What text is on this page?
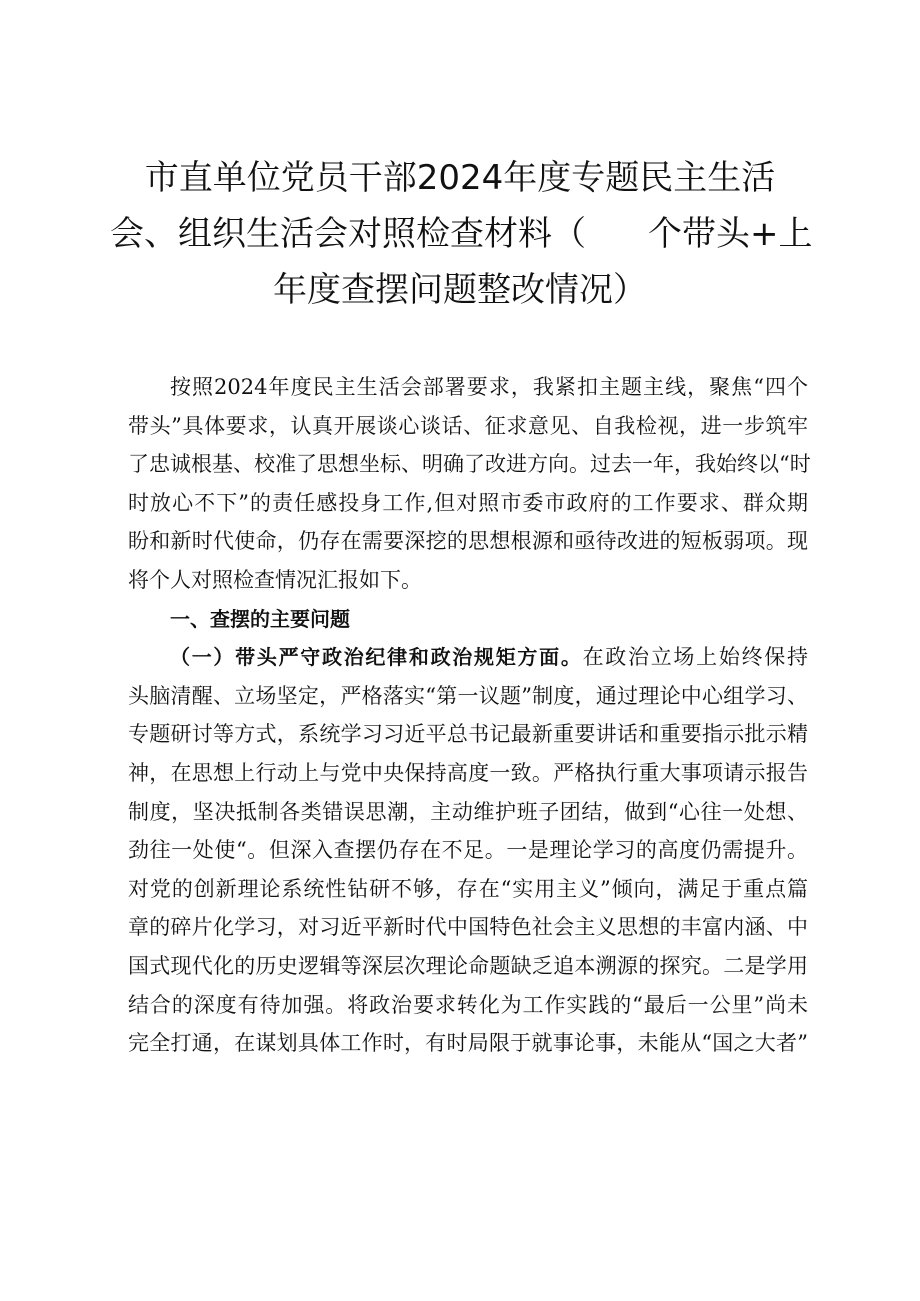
市直单位党员干部2024年度专题民主生活
会、组织生活会对照检查材料（ 个带头+上
年度查摆问题整改情况）

按照2024年度民主生活会部署要求，我紧扣主题主线，聚焦“四个
带头”具体要求，认真开展谈心谈话、征求意见、自我检视，进一步筑牢
了忠诚根基、校准了思想坐标、明确了改进方向。过去一年，我始终以“时
时放心不下”的责任感投身工作,但对照市委市政府的工作要求、群众期
盼和新时代使命，仍存在需要深挖的思想根源和亟待改进的短板弱项。现
将个人对照检查情况汇报如下。

一、查摆的主要问题

（一）带头严守政治纪律和政治规矩方面。在政治立场上始终保持
头脑清醒、立场坚定，严格落实“第一议题”制度，通过理论中心组学习、
专题研讨等方式，系统学习习近平总书记最新重要讲话和重要指示批示精
神，在思想上行动上与党中央保持高度一致。严格执行重大事项请示报告
制度，坚决抵制各类错误思潮，主动维护班子团结，做到“心往一处想、
劲往一处使“。但深入查摆仍存在不足。一是理论学习的高度仍需提升。
对党的创新理论系统性钻研不够，存在“实用主义”倾向，满足于重点篇
章的碎片化学习，对习近平新时代中国特色社会主义思想的丰富内涵、中
国式现代化的历史逻辑等深层次理论命题缺乏追本溯源的探究。二是学用
结合的深度有待加强。将政治要求转化为工作实践的“最后一公里”尚未
完全打通，在谋划具体工作时，有时局限于就事论事，未能从“国之大者”
